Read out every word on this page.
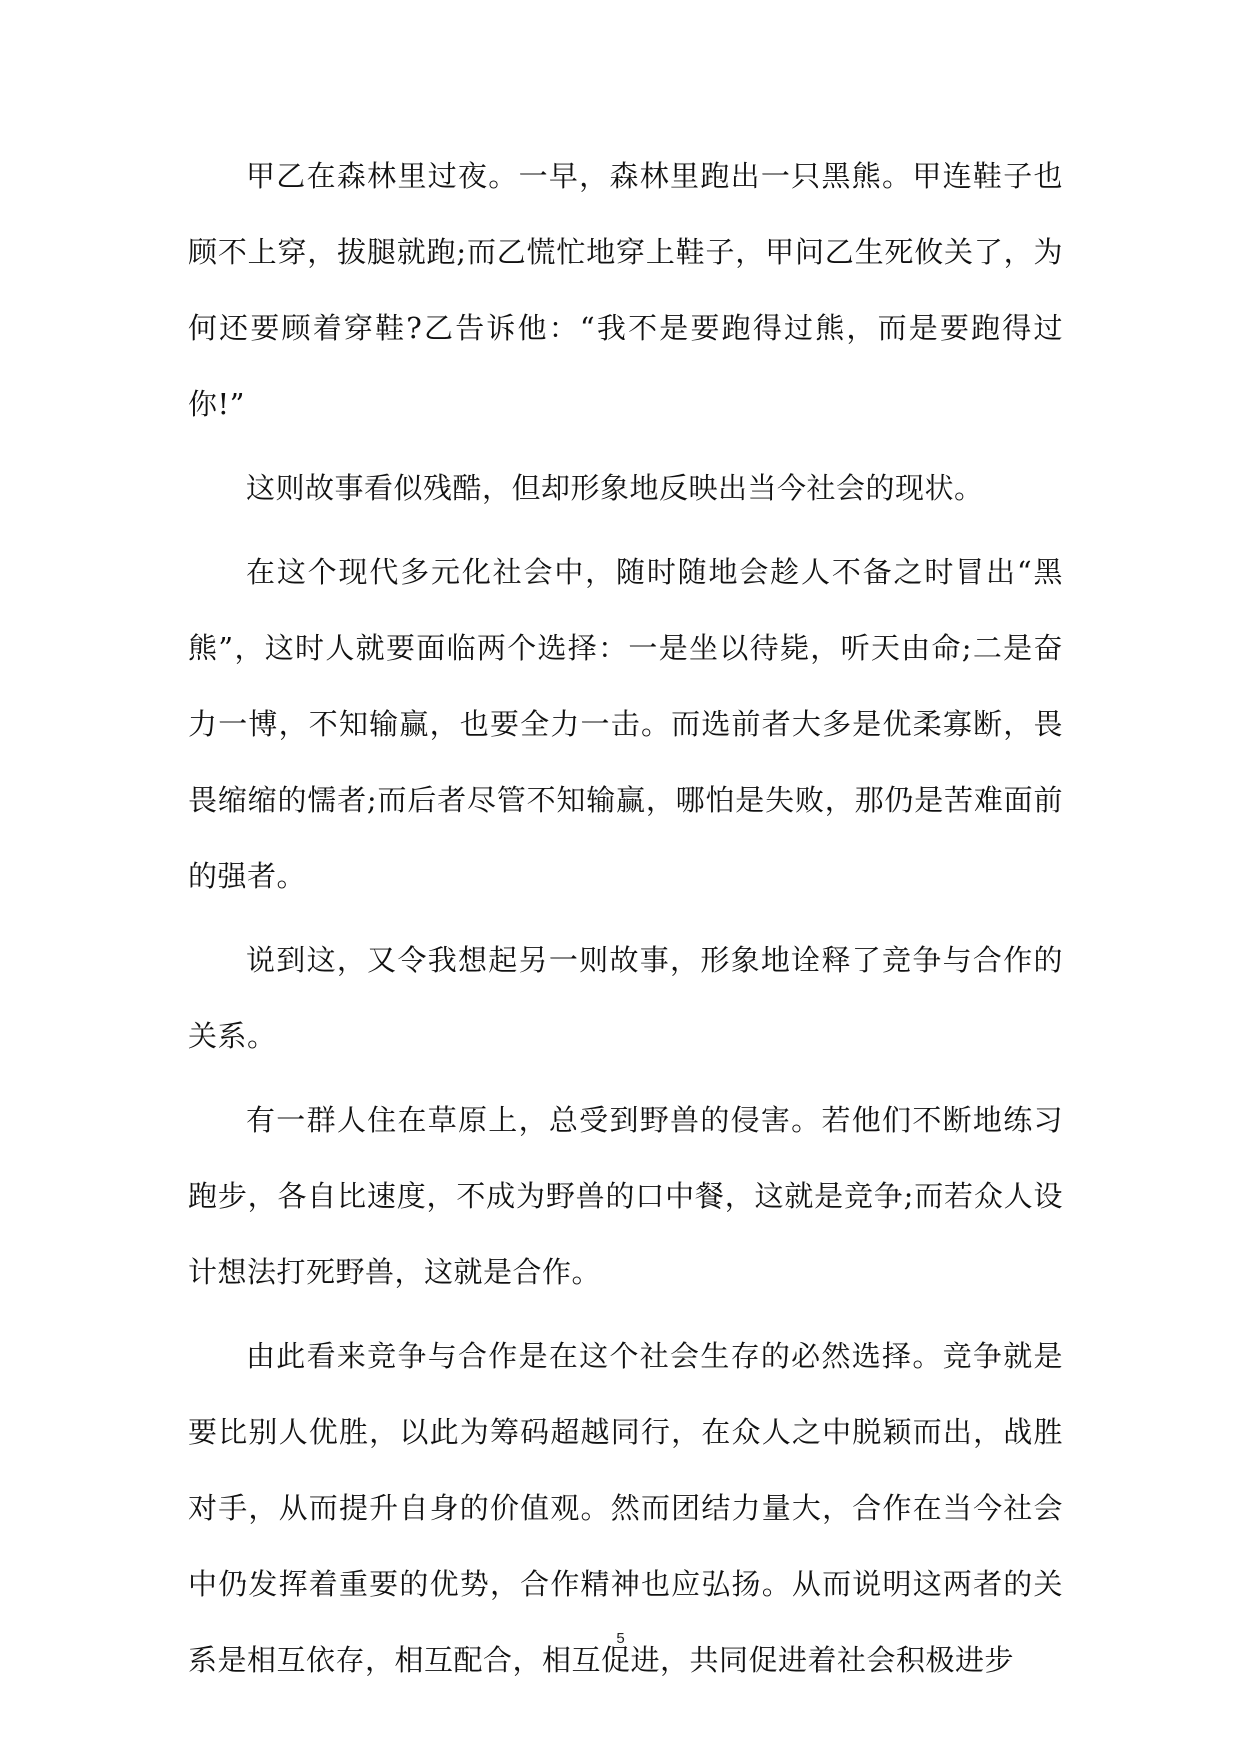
甲乙在森林里过夜。一早，森林里跑出一只黑熊。甲连鞋子也顾不上穿，拔腿就跑;而乙慌忙地穿上鞋子，甲问乙生死攸关了，为何还要顾着穿鞋?乙告诉他：“我不是要跑得过熊，而是要跑得过你!”

这则故事看似残酷，但却形象地反映出当今社会的现状。

在这个现代多元化社会中，随时随地会趁人不备之时冒出“黑熊”，这时人就要面临两个选择：一是坐以待毙，听天由命;二是奋力一博，不知输赢，也要全力一击。而选前者大多是优柔寡断，畏畏缩缩的懦者;而后者尽管不知输赢，哪怕是失败，那仍是苦难面前的强者。

说到这，又令我想起另一则故事，形象地诠释了竞争与合作的关系。

有一群人住在草原上，总受到野兽的侵害。若他们不断地练习跑步，各自比速度，不成为野兽的口中餐，这就是竞争;而若众人设计想法打死野兽，这就是合作。

由此看来竞争与合作是在这个社会生存的必然选择。竞争就是要比别人优胜，以此为筹码超越同行，在众人之中脱颖而出，战胜对手，从而提升自身的价值观。然而团结力量大，合作在当今社会中仍发挥着重要的优势，合作精神也应弘扬。从而说明这两者的关系是相互依存，相互配合，相互促进，共同促进着社会积极进步

5
